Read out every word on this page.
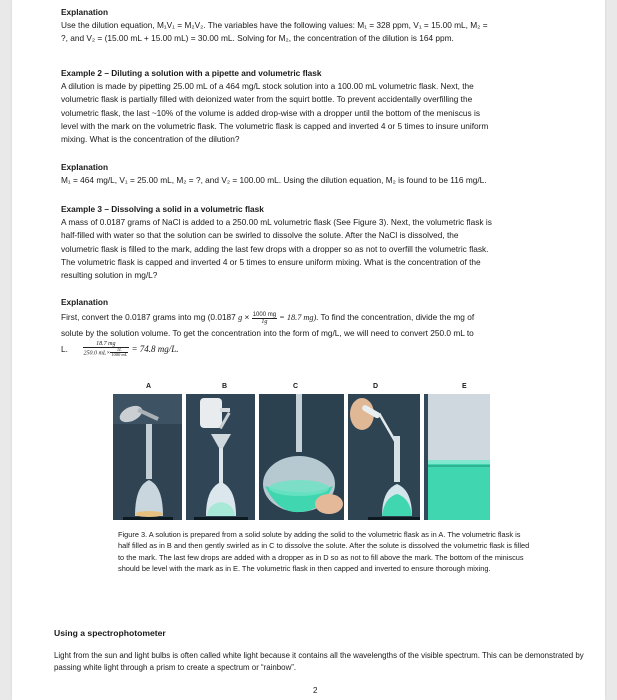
Explanation

Use the dilution equation, M₁V₁ = M₂V₂. The variables have the following values: M₁ = 328 ppm, V₁ = 15.00 mL, M₂ =

?, and V₂ = (15.00 mL + 15.00 mL) = 30.00 mL. Solving for M₂, the concentration of the dilution is 164 ppm.

Example 2 – Diluting a solution with a pipette and volumetric flask

A dilution is made by pipetting 25.00 mL of a 464 mg/L stock solution into a 100.00 mL volumetric flask. Next, the

volumetric flask is partially filled with deionized water from the squirt bottle. To prevent accidentally overfilling the

volumetric flask, the last ~10% of the volume is added drop-wise with a dropper until the bottom of the meniscus is

level with the mark on the volumetric flask. The volumetric flask is capped and inverted 4 or 5 times to insure uniform

mixing. What is the concentration of the dilution?

Explanation

M₁ = 464 mg/L, V₁ = 25.00 mL, M₂ = ?, and V₂ = 100.00 mL. Using the dilution equation, M₂ is found to be 116 mg/L.

Example 3 – Dissolving a solid in a volumetric flask

A mass of 0.0187 grams of NaCl is added to a 250.00 mL volumetric flask (See Figure 3). Next, the volumetric flask is

half-filled with water so that the solution can be swirled to dissolve the solute. After the NaCl is dissolved, the

volumetric flask is filled to the mark, adding the last few drops with a dropper so as not to overfill the volumetric flask.

The volumetric flask is capped and inverted 4 or 5 times to ensure uniform mixing. What is the concentration of the

resulting solution in mg/L?

Explanation

First, convert the 0.0187 grams into mg (0.0187 $g \times \frac{1000 mg}{1g} = 18.7$ mg). To find the concentration, divide the mg of

solute by the solution volume. To get the concentration into the form of mg/L, we will need to convert 250.0 mL to

L. $\frac{18.7 mg}{250.0 mL\times \frac{1L}{1000 mL}} = 74.8$ mg/L.

A	B	C	D	E
Figure 3. A solution is prepared from a solid solute by adding the solid to the volumetric flask as in A. The volumetric flask is half filled as in B and then gently swirled as in C to dissolve the solute. After the solute is dissolved the volumetric flask is filled to the mark. The last few drops are added with a dropper as in D so as not to fill above the mark. The bottom of the miniscus should be level with the mark as in E. The volumetric flask in then capped and inverted to ensure thorough mixing.
Using a spectrophotometer
Light from the sun and light bulbs is often called white light because it contains all the wavelengths of the visible spectrum. This can be demonstrated by passing white light through a prism to create a spectrum or “rainbow”.
2
